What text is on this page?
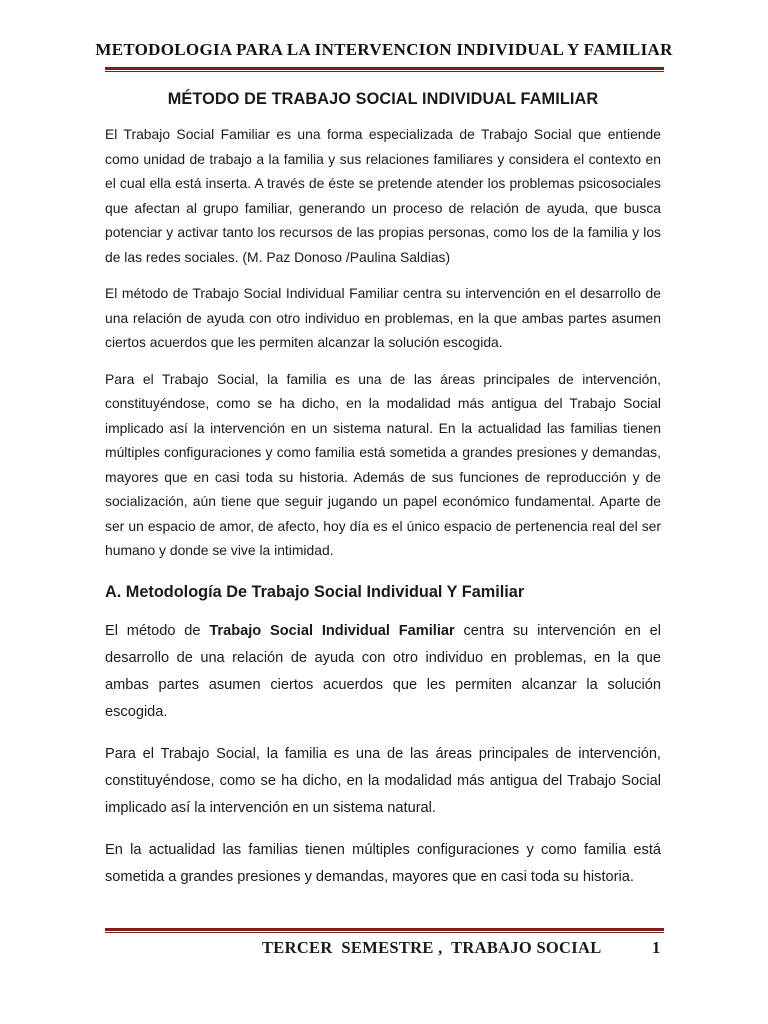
METODOLOGIA PARA LA INTERVENCION INDIVIDUAL Y FAMILIAR
MÉTODO DE TRABAJO SOCIAL INDIVIDUAL FAMILIAR

El Trabajo Social Familiar es una forma especializada de Trabajo Social que entiende como unidad de trabajo a la familia y sus relaciones familiares y considera el contexto en el cual ella está inserta. A través de éste se pretende atender los problemas psicosociales que afectan al grupo familiar, generando un proceso de relación de ayuda, que busca potenciar y activar tanto los recursos de las propias personas, como los de la familia y los de las redes sociales. (M. Paz Donoso /Paulina Saldias)

El método de Trabajo Social Individual Familiar centra su intervención en el desarrollo de una relación de ayuda con otro individuo en problemas, en la que ambas partes asumen ciertos acuerdos que les permiten alcanzar la solución escogida.

Para el Trabajo Social, la familia es una de las áreas principales de intervención, constituyéndose, como se ha dicho, en la modalidad más antigua del Trabajo Social implicado así la intervención en un sistema natural. En la actualidad las familias tienen múltiples configuraciones y como familia está sometida a grandes presiones y demandas, mayores que en casi toda su historia. Además de sus funciones de reproducción y de socialización, aún tiene que seguir jugando un papel económico fundamental. Aparte de ser un espacio de amor, de afecto, hoy día es el único espacio de pertenencia real del ser humano y donde se vive la intimidad.

A. Metodología De Trabajo Social Individual Y Familiar

El método de Trabajo Social Individual Familiar centra su intervención en el desarrollo de una relación de ayuda con otro individuo en problemas, en la que ambas partes asumen ciertos acuerdos que les permiten alcanzar la solución escogida.

Para el Trabajo Social, la familia es una de las áreas principales de intervención, constituyéndose, como se ha dicho, en la modalidad más antigua del Trabajo Social implicado así la intervención en un sistema natural.

En la actualidad las familias tienen múltiples configuraciones y como familia está sometida a grandes presiones y demandas, mayores que en casi toda su historia.

TERCER  SEMESTRE ,  TRABAJO SOCIAL	1
